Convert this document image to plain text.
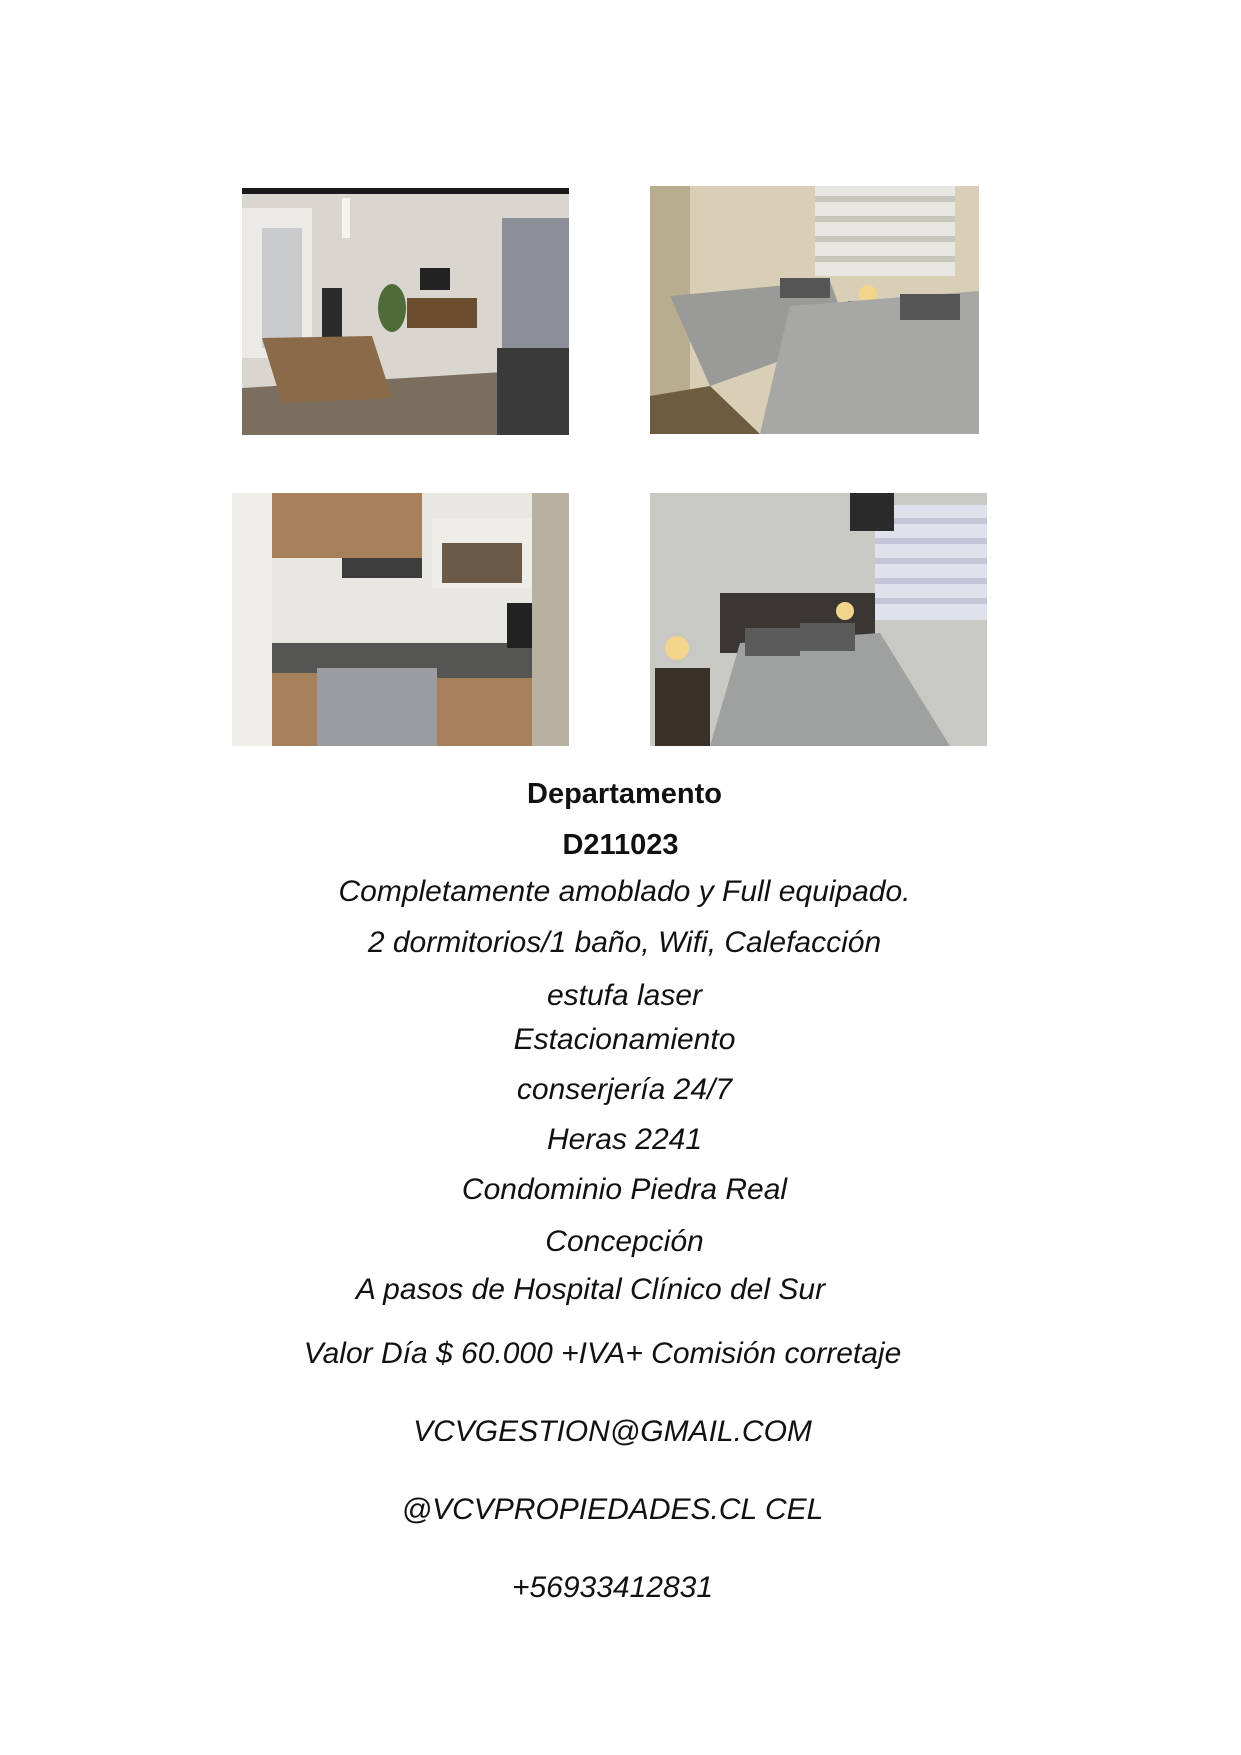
Departamento
D211023
Completamente amoblado y Full equipado.
2 dormitorios/1 baño, Wifi, Calefacción
estufa laser
Estacionamiento
conserjería 24/7
Heras 2241
Condominio Piedra Real
Concepción
A pasos de Hospital Clínico del Sur
Valor Día $ 60.000 +IVA+ Comisión corretaje
VCVGESTION@GMAIL.COM
@VCVPROPIEDADES.CL CEL
+56933412831
